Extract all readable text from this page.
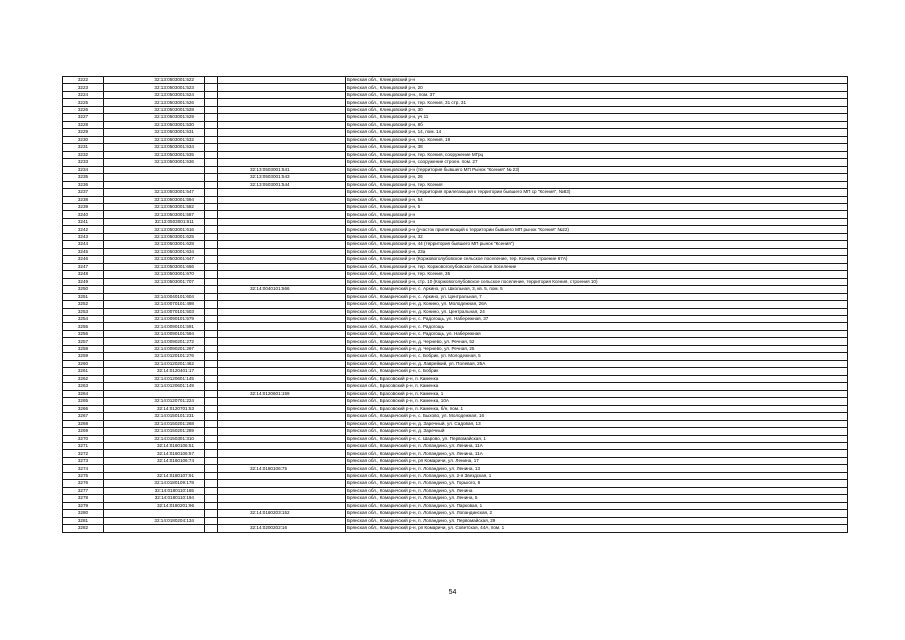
3222	32:13:0503001:522			Брянская обл., Клинцовский р-н
3223	32:13:0503001:523			Брянская обл., Клинцовский р-н, 20
3224	32:13:0503001:524			Брянская обл., Клинцовский р-н., пом. 37
3225	32:13:0503001:526			Брянская обл., Клинцовский р-н, тер. Ксения, 31 стр. 31
3226	32:13:0503001:528			Брянская обл., Клинцовский р-н, 30
3227	32:13:0503001:529			Брянская обл., Клинцовский р-н, уч 11
3228	32:13:0503001:530			Брянская обл., Клинцовский р-н, 8б
3229	32:13:0503001:531			Брянская обл., Клинцовский р-н, 14, пом. 14
3230	32:13:0503001:532			Брянская обл., Клинцовский р-н, тер. Ксения, 19
3231	32:13:0503001:534			Брянская обл., Клинцовский р-н, 38
3232	32:13:0503001:535			Брянская обл., Клинцовский р-н, тер. Ксения, сооружение МГрц
3233	32:13:0503001:536			Брянская обл., Клинцовский р-н, сооружение строен. пом. 27
3234			32:13:0503001:541	Брянская обл., Клинцовский р-н (территория бывшего МП Рынок "Ксения" № 23)
3235			32:13:0503001:543	Брянская обл., Клинцовский р-н, 26
3236			32:13:0503001:544	Брянская обл., Клинцовский р-н, тер. Ксения
3237	32:13:0503001:547			Брянская обл., Клинцовский р-н (территория прилегающая к территории бывшего МП ср "Ксения", №83)
3238	32:13:0503001:594			Брянская обл., Клинцовский р-н, 54
3239	32:13:0503001:582			Брянская обл., Клинцовский р-н, 5
3240	32:13:0503001:587			Брянская обл., Клинцовский р-н
3241	32:13:0503001:611			Брянская обл., Клинцовский р-н
3242	32:13:0503001:616			Брянская обл., Клинцовский р-н (участок прилегающий к территории бывшего МП рынок "Ксения" №22)
3243	32:13:0503001:625			Брянская обл., Клинцовский р-н, 32
3244	32:13:0503001:628			Брянская обл., Клинцовский р-н, 44 (территория бывшего МП рынок "Ксения")
3245	32:13:0503001:634			Брянская обл., Клинцовский р-н, 23а
3246	32:13:0503001:647			Брянская обл., Клинцовский р-н (Коржовоголубовское сельское поселение, тер. Ксения, строение 67А)
3247	32:13:0503001:666			Брянская обл., Клинцовский р-н, тер. Коржовоголубовское сельское поселение
3248	32:13:0503001:670			Брянская обл., Клинцовский р-н, тер. Ксения, 35
3249	32:13:0503001:707			Брянская обл., Клинцовский р-н, стр. 10 (Коржовоголубовское сельское поселение, территория Ксения, строения 10)
3250			32:14:0040101:566	Брянская обл., Комаричский р-н, с. Аркино, ул. Школьная, 3, кв. 5, пом. 5
3251	32:14:0040101:604			Брянская обл., Комаричский р-н, с. Аркино, ул. Центральная, 7
3252	32:14:0070101:498			Брянская обл., Комаричский р-н, д. Конино, ул. Молодежная, 26А
3253	32:14:0070101:503			Брянская обл., Комаричский р-н, д. Конино, ул. Центральная, 24
3254	32:14:0090101:579			Брянская обл., Комаричский р-н, с. Радогощь, ул. Набережная, 37
3255	32:14:0090101:591			Брянская обл., Комаричский р-н, с. Радогощь
3256	32:14:0090101:594			Брянская обл., Комаричский р-н, с. Радогощь, ул. Набережная
3257	32:14:0090201:272			Брянская обл., Комаричский р-н, д. Чернево, ул. Речная, 52
3258	32:14:0090201:297			Брянская обл., Комаричский р-н, д. Чернево, ул. Речная, 25
3259	32:14:0120101:276			Брянская обл., Комаричский р-н, с. Бобрик, ул. Молодежная, 5
3260	32:14:0120201:462			Брянская обл., Комаричский р-н, д. Лаврейкий, ул. Полевая, 25А
3261	32:14:0120401:17			Брянская обл., Комаричский р-н, с. Бобрик
3262	32:14:0120601:145			Брянская обл., Брасовский р-н, п. Каменка
3263	32:14:0120601:149			Брянская обл., Брасовский р-н, п. Каменка
3264			32:14:0120601:159	Брянская обл., Брасовский р-н, п. Каменка, 1
3265	32:14:0120701:224			Брянская обл., Брасовский р-н, п. Каменка, 10А
3266	32:14:0120701:53			Брянская обл., Брасовский р-н, п. Каменка, б/н, пом. 1
3267	32:14:0150101:231			Брянская обл., Комаричский р-н, с. Быхово, ул. Молодежная, 16
3268	32:14:0150201:268			Брянская обл., Комаричский р-н, д. Заречный, ул. Садовая, 13
3269	32:14:0150201:289			Брянская обл., Комаричский р-н, д. Заречный
3270	32:14:0150301:310			Брянская обл., Комаричский р-н, с. Шарово, ул. Первомайская, 1
3271	32:14:0160106:51			Брянская обл., Комаричский р-н, п. Лопандино, ул. Ленина, 11А
3272	32:14:0160106:57			Брянская обл., Комаричский р-н, п. Лопандино, ул. Ленина, 11А
3273	32:14:0160106:74			Брянская обл., Комаричский р-н, рп Комаричи, ул. Ленина, 17
3274			32:14:0180106:75	Брянская обл., Комаричский р-н, п. Лопандино, ул. Ленина, 13
3275	32:14:0180107:91			Брянская обл., Комаричский р-н, п. Лопандино, ул. 2-я Звездская, 1
3276	32:14:0180109:178			Брянская обл., Комаричский р-н, п. Лопандино, ул. Горького, 8
3277	32:14:0180110:165			Брянская обл., Комаричский р-н, п. Лопандино, ул. Ленина
3278	32:14:0180110:194			Брянская обл., Комаричский р-н, п. Лопандино, ул. Ленина, 5
3279	32:14:0180201:96			Брянская обл., Комаричский р-н, п. Лопандино, ул. Парковая, 1
3280			32:14:0180203:152	Брянская обл., Комаричский р-н, п. Лопандино, ул. Лопандинская, 2
3281	32:14:0180204:134			Брянская обл., Комаричский р-н, п. Лопандино, ул. Первомайская, 29
3282			32:14:0200202:16	Брянская обл., Комаричский р-н, рп Комаричи, ул. Советская, 44А, пом. 1
54
